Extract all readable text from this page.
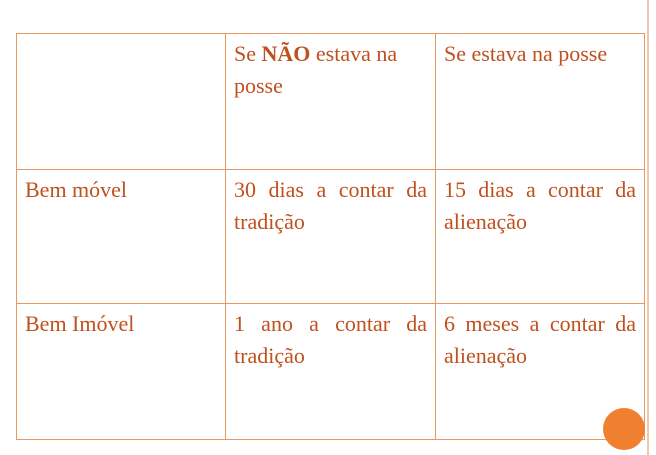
	Se NÃO estava na posse	Se estava na posse
Bem móvel	30 dias a contar da tradição	15 dias a contar da alienação
Bem Imóvel	1 ano a contar da tradição	6 meses a contar da alienação
